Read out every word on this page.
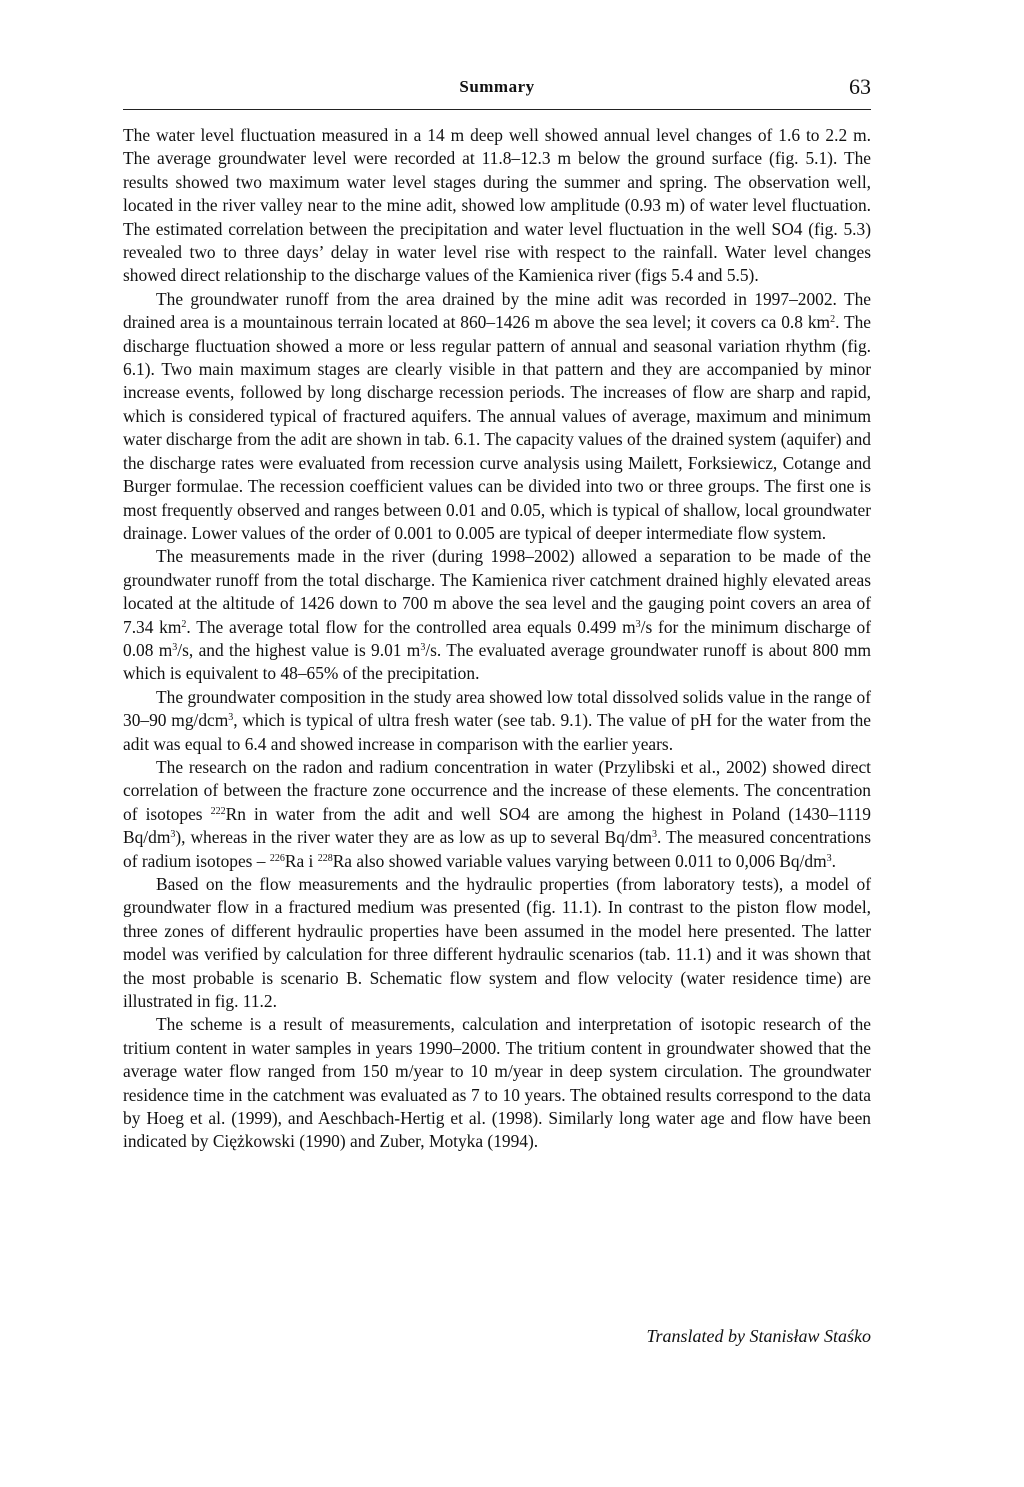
Summary	63

The water level fluctuation measured in a 14 m deep well showed annual level changes of 1.6 to 2.2 m. The average groundwater level were recorded at 11.8–12.3 m below the ground surface (fig. 5.1). The results showed two maximum water level stages during the summer and spring. The observation well, located in the river valley near to the mine adit, showed low amplitude (0.93 m) of water level fluctuation. The estimated correlation between the precipitation and water level fluctuation in the well SO4 (fig. 5.3) revealed two to three days’ delay in water level rise with respect to the rainfall. Water level changes showed direct relationship to the discharge values of the Kamienica river (figs 5.4 and 5.5).

The groundwater runoff from the area drained by the mine adit was recorded in 1997–2002. The drained area is a mountainous terrain located at 860–1426 m above the sea level; it covers ca 0.8 $km^2$. The discharge fluctuation showed a more or less regular pattern of annual and seasonal variation rhythm (fig. 6.1). Two main maximum stages are clearly visible in that pattern and they are accompanied by minor increase events, followed by long discharge recession periods. The increases of flow are sharp and rapid, which is considered typical of fractured aquifers. The annual values of average, maximum and minimum water discharge from the adit are shown in tab. 6.1. The capacity values of the drained system (aquifer) and the discharge rates were evaluated from recession curve analysis using Mailett, Forksiewicz, Cotange and Burger formulae. The recession coefficient values can be divided into two or three groups. The first one is most frequently observed and ranges between 0.01 and 0.05, which is typical of shallow, local groundwater drainage. Lower values of the order of 0.001 to 0.005 are typical of deeper intermediate flow system.

The measurements made in the river (during 1998–2002) allowed a separation to be made of the groundwater runoff from the total discharge. The Kamienica river catchment drained highly elevated areas located at the altitude of 1426 down to 700 m above the sea level and the gauging point covers an area of 7.34 $km^2$. The average total flow for the controlled area equals 0.499 $m^3/s$ for the minimum discharge of 0.08 $m^3/s$, and the highest value is 9.01 $m^3/s$. The evaluated average groundwater runoff is about 800 mm which is equivalent to 48–65% of the precipitation.

The groundwater composition in the study area showed low total dissolved solids value in the range of 30–90 mg/dcm$^3$, which is typical of ultra fresh water (see tab. 9.1). The value of pH for the water from the adit was equal to 6.4 and showed increase in comparison with the earlier years.

The research on the radon and radium concentration in water (Przylibski et al., 2002) showed direct correlation of between the fracture zone occurrence and the increase of these elements. The concentration of isotopes $^{222}$Rn in water from the adit and well SO4 are among the highest in Poland (1430–1119 $Bq/dm^3$), whereas in the river water they are as low as up to several $Bq/dm^3$. The measured concentrations of radium isotopes – $^{226}$Ra i $^{228}$Ra also showed variable values varying between 0.011 to 0,006 $Bq/dm^3$.

Based on the flow measurements and the hydraulic properties (from laboratory tests), a model of groundwater flow in a fractured medium was presented (fig. 11.1). In contrast to the piston flow model, three zones of different hydraulic properties have been assumed in the model here presented. The latter model was verified by calculation for three different hydraulic scenarios (tab. 11.1) and it was shown that the most probable is scenario B. Schematic flow system and flow velocity (water residence time) are illustrated in fig. 11.2.

The scheme is a result of measurements, calculation and interpretation of isotopic research of the tritium content in water samples in years 1990–2000. The tritium content in groundwater showed that the average water flow ranged from 150 m/year to 10 m/year in deep system circulation. The groundwater residence time in the catchment was evaluated as 7 to 10 years. The obtained results correspond to the data by Hoeg et al. (1999), and Aeschbach-Hertig et al. (1998). Similarly long water age and flow have been indicated by Ciężkowski (1990) and Zuber, Motyka (1994).

Translated by Stanisław Staśko
